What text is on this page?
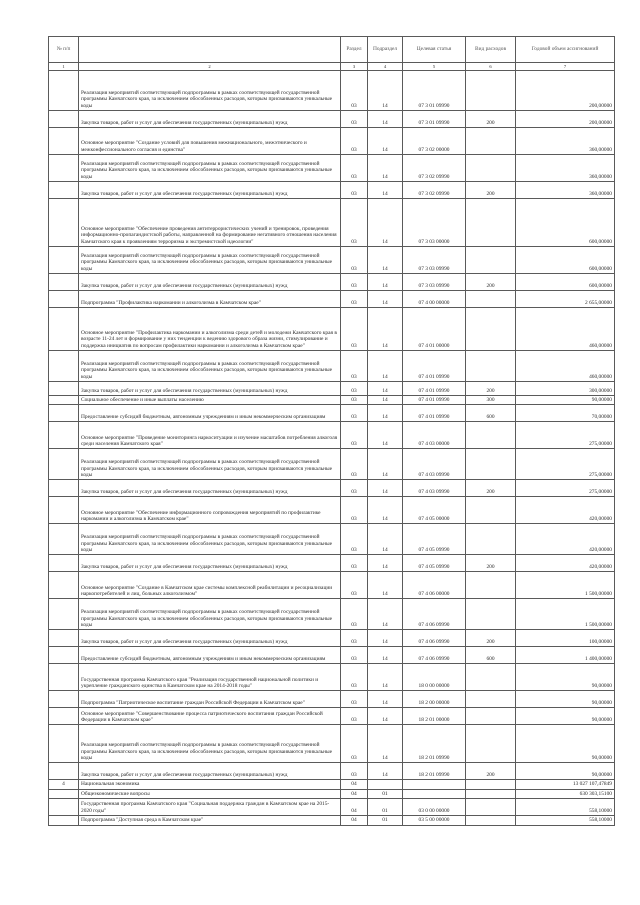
№ п/п		Раздел	Подраздел	Целевая статья	Вид расходов	Годовой объем ассигнований
1	2	3	4	5	6	7
	Реализация мероприятий соответствующей подпрограммы в рамках соответствующей государственной программы Камчатского края, за исключением обособленных расходов, которым присваиваются уникальные коды	03	14	07 3 01 09990		200,00000
	Закупка товаров, работ и услуг для обеспечения государственных (муниципальных) нужд	03	14	07 3 01 09990	200	200,00000
	Основное мероприятие "Создание условий для повышения межнационального, межэтнического и межконфессионального согласия и единства"	03	14	07 3 02 00000		360,00000
	Реализация мероприятий соответствующей подпрограммы в рамках соответствующей государственной программы Камчатского края, за исключением обособленных расходов, которым присваиваются уникальные коды	03	14	07 3 02 09990		360,00000
	Закупка товаров, работ и услуг для обеспечения государственных (муниципальных) нужд	03	14	07 3 02 09990	200	360,00000
	Основное мероприятие "Обеспечение проведения антитеррористических учений и тренировок, проведения информационно-пропагандистской работы, направленной на формирование негативного отношения населения Камчатского края к проявлениям терроризма и экстремистской идеологии"	03	14	07 3 03 00000		600,00000
	Реализация мероприятий соответствующей подпрограммы в рамках соответствующей государственной программы Камчатского края, за исключением обособленных расходов, которым присваиваются уникальные коды	03	14	07 3 03 09990		600,00000
	Закупка товаров, работ и услуг для обеспечения государственных (муниципальных) нужд	03	14	07 3 03 09990	200	600,00000
	Подпрограмма "Профилактика наркомании и алкоголизма в Камчатском крае"	03	14	07 4 00 00000		2 655,00000
	Основное мероприятие "Профилактика наркомании и алкоголизма среди детей и молодежи Камчатского края в возрасте 11-24 лет и формирование у них тенденции к ведению здорового образа жизни, стимулирование и поддержка инициатив по вопросам профилактики наркомании и алкоголизма в Камчатском крае"	03	14	07 4 01 00000		460,00000
	Реализация мероприятий соответствующей подпрограммы в рамках соответствующей государственной программы Камчатского края, за исключением обособленных расходов, которым присваиваются уникальные коды	03	14	07 4 01 09990		460,00000
	Закупка товаров, работ и услуг для обеспечения государственных (муниципальных) нужд	03	14	07 4 01 09990	200	300,00000
	Социальное обеспечение и иные выплаты населению	03	14	07 4 01 09990	300	90,00000
	Предоставление субсидий бюджетным, автономным учреждениям и иным некоммерческим организациям	03	14	07 4 01 09990	600	70,00000
	Основное мероприятие "Проведение мониторинга наркоситуации и изучение масштабов потребления алкоголя среди населения Камчатского края"	03	14	07 4 03 00000		275,00000
	Реализация мероприятий соответствующей подпрограммы в рамках соответствующей государственной программы Камчатского края, за исключением обособленных расходов, которым присваиваются уникальные коды	03	14	07 4 03 09990		275,00000
	Закупка товаров, работ и услуг для обеспечения государственных (муниципальных) нужд	03	14	07 4 03 09990	200	275,00000
	Основное мероприятие "Обеспечение информационного сопровождения мероприятий по профилактике наркомании и алкоголизма в Камчатском крае"	03	14	07 4 05 00000		420,00000
	Реализация мероприятий соответствующей подпрограммы в рамках соответствующей государственной программы Камчатского края, за исключением обособленных расходов, которым присваиваются уникальные коды	03	14	07 4 05 09990		420,00000
	Закупка товаров, работ и услуг для обеспечения государственных (муниципальных) нужд	03	14	07 4 05 09990	200	420,00000
	Основное мероприятие "Создание в Камчатском крае системы комплексной реабилитации и ресоциализации наркопотребителей и лиц, больных алкоголизмом"	03	14	07 4 06 00000		1 500,00000
	Реализация мероприятий соответствующей подпрограммы в рамках соответствующей государственной программы Камчатского края, за исключением обособленных расходов, которым присваиваются уникальные коды	03	14	07 4 06 09990		1 500,00000
	Закупка товаров, работ и услуг для обеспечения государственных (муниципальных) нужд	03	14	07 4 06 09990	200	100,00000
	Предоставление субсидий бюджетным, автономным учреждениям и иным некоммерческим организациям	03	14	07 4 06 09990	600	1 400,00000
	Государственная программа Камчатского края "Реализация государственной национальной политики и укрепление гражданского единства в Камчатском крае на 2014-2018 годы"	03	14	18 0 00 00000		90,00000
	Подпрограмма "Патриотическое воспитание граждан Российской Федерации в Камчатском крае"	03	14	18 2 00 00000		90,00000
	Основное мероприятие "Совершенствование процесса патриотического воспитания граждан Российской Федерации в Камчатском крае"	03	14	18 2 01 00000		90,00000
	Реализация мероприятий соответствующей подпрограммы в рамках соответствующей государственной программы Камчатского края, за исключением обособленных расходов, которым присваиваются уникальные коды	03	14	18 2 01 09990		90,00000
	Закупка товаров, работ и услуг для обеспечения государственных (муниципальных) нужд	03	14	18 2 01 09990	200	90,00000
4	Национальная экономика	04				13 027 107,47849
	Общеэкономические вопросы	04	01			630 303,15100
	Государственная программа Камчатского края "Социальная поддержка граждан в Камчатском крае на 2015-2020 годы"	04	01	03 0 00 00000		558,10000
	Подпрограмма "Доступная среда в Камчатском крае"	04	01	03 5 00 00000		558,10000
